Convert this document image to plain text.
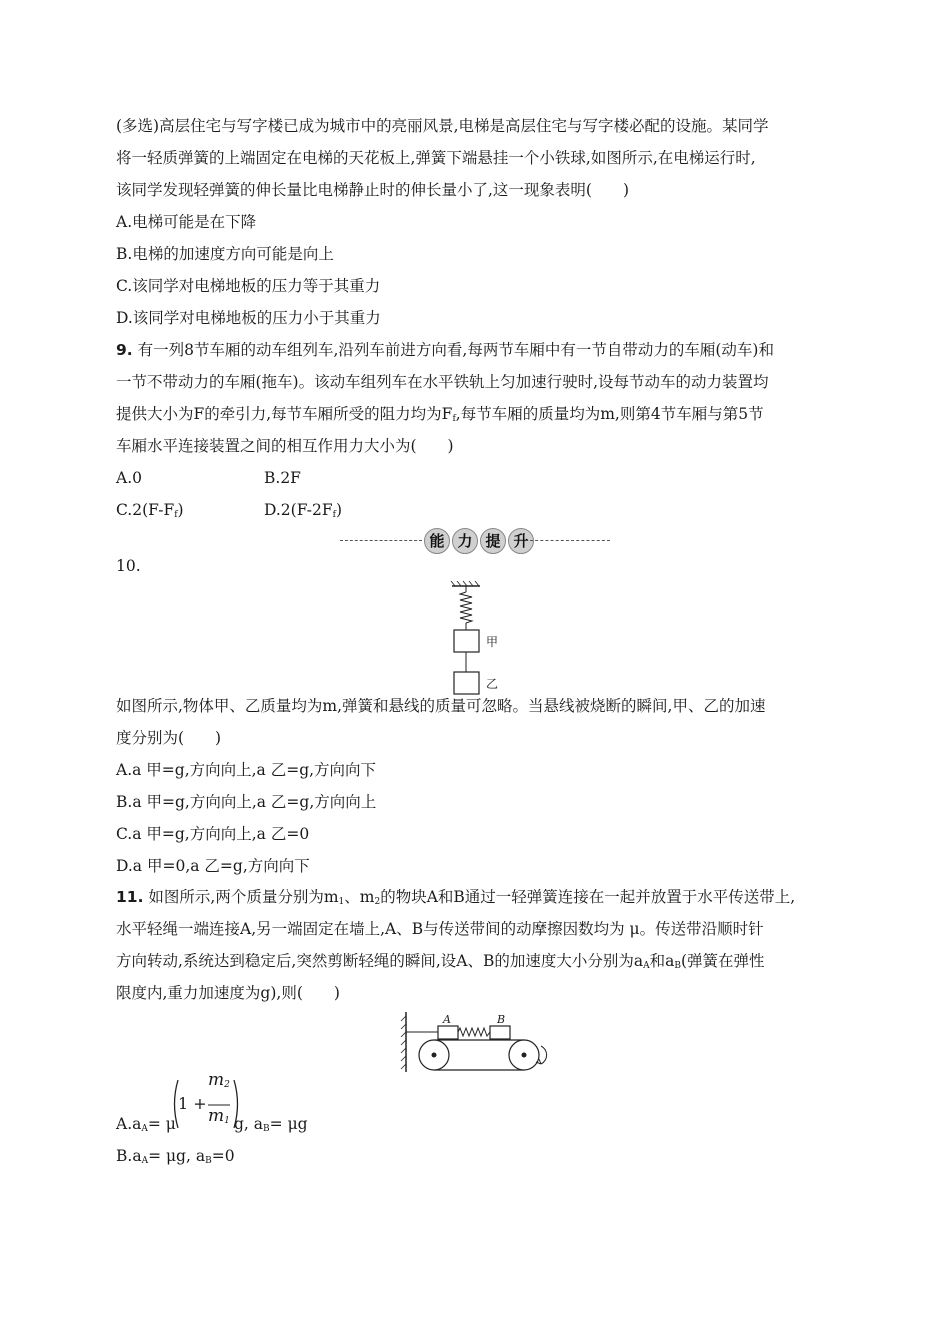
(多选)高层住宅与写字楼已成为城市中的亮丽风景,电梯是高层住宅与写字楼必配的设施。某同学
将一轻质弹簧的上端固定在电梯的天花板上,弹簧下端悬挂一个小铁球,如图所示,在电梯运行时,
该同学发现轻弹簧的伸长量比电梯静止时的伸长量小了,这一现象表明(　　)
A.电梯可能是在下降
B.电梯的加速度方向可能是向上
C.该同学对电梯地板的压力等于其重力
D.该同学对电梯地板的压力小于其重力
9. 有一列8节车厢的动车组列车,沿列车前进方向看,每两节车厢中有一节自带动力的车厢(动车)和
一节不带动力的车厢(拖车)。该动车组列车在水平铁轨上匀加速行驶时,设每节动车的动力装置均
提供大小为F的牵引力,每节车厢所受的阻力均为$F_f$,每节车厢的质量均为m,则第4节车厢与第5节
车厢水平连接装置之间的相互作用力大小为(　　)
A.0	B.2F
$C.2(F-F_f)$	$D.2(F-2F_f)$
能 力 提 升
10.
甲
乙
如图所示,物体甲、乙质量均为m,弹簧和悬线的质量可忽略。当悬线被烧断的瞬间,甲、乙的加速
度分别为(　　)
A.a 甲=g,方向向上,a 乙=g,方向向下
B.a 甲=g,方向向上,a 乙=g,方向向上
C.a 甲=g,方向向上,a 乙=0
D.a 甲=0,a 乙=g,方向向下
11. 如图所示,两个质量分别为$m_1$、$m_2$的物块A和B通过一轻弹簧连接在一起并放置于水平传送带上,
水平轻绳一端连接A,另一端固定在墙上,A、B与传送带间的动摩擦因数均为 μ。传送带沿顺时针
方向转动,系统达到稳定后,突然剪断轻绳的瞬间,设A、B的加速度大小分别为$a_A$和$a_B$(弹簧在弹性
限度内,重力加速度为g),则(　　)
A	B
$A.a_A= \mu$
1 +
$m_2$
$m_1$ g, $a_B= \mu g$
$B.a_A= \mu g$, $a_B=0$
